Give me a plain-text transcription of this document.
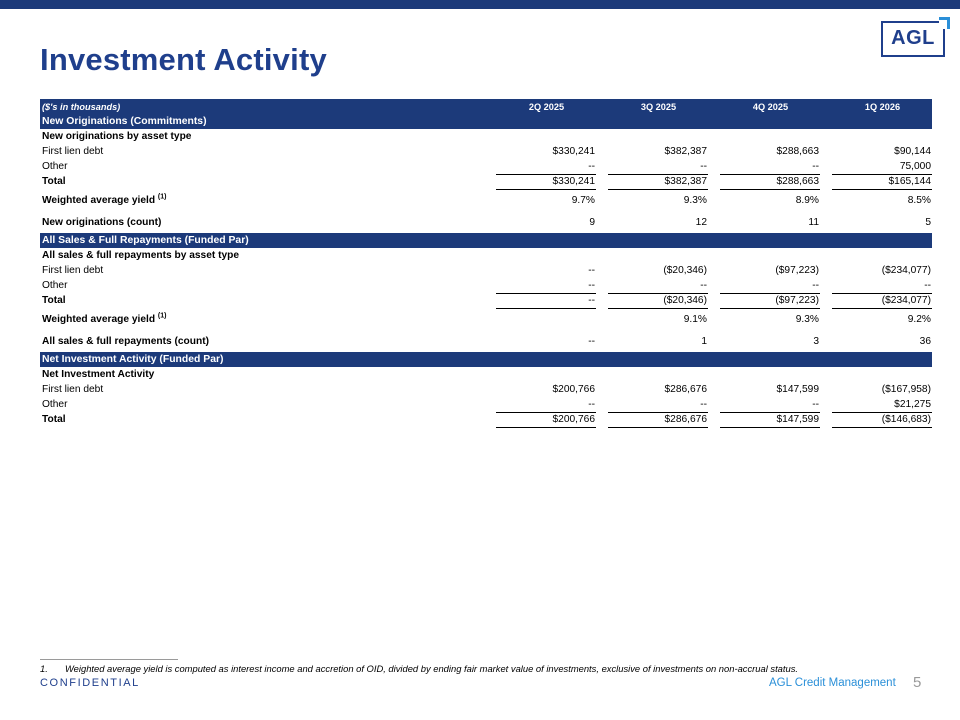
Investment Activity
AGL
($'s in thousands)		2Q 2025		3Q 2025		4Q 2025		1Q 2026
New Originations (Commitments)								
New originations by asset type								
First lien debt		$330,241		$382,387		$288,663		$90,144
Other		--		--		--		75,000
Total		$330,241		$382,387		$288,663		$165,144
Weighted average yield $^{(1)}$		9.7%		9.3%		8.9%		8.5%
New originations (count)		9		12		11		5
All Sales & Full Repayments (Funded Par)								
All sales & full repayments by asset type								
First lien debt		--		($20,346)		($97,223)		($234,077)
Other		--		--		--		--
Total		--		($20,346)		($97,223)		($234,077)
Weighted average yield $^{(1)}$				9.1%		9.3%		9.2%
All sales & full repayments (count)		--		1		3		36
Net Investment Activity (Funded Par)								
Net Investment Activity								
First lien debt		$200,766		$286,676		$147,599		($167,958)
Other		--		--		--		$21,275
Total		$200,766		$286,676		$147,599		($146,683)
1. Weighted average yield is computed as interest income and accretion of OID, divided by ending fair market value of investments, exclusive of investments on non-accrual status.
CONFIDENTIAL	AGL Credit Management 5
